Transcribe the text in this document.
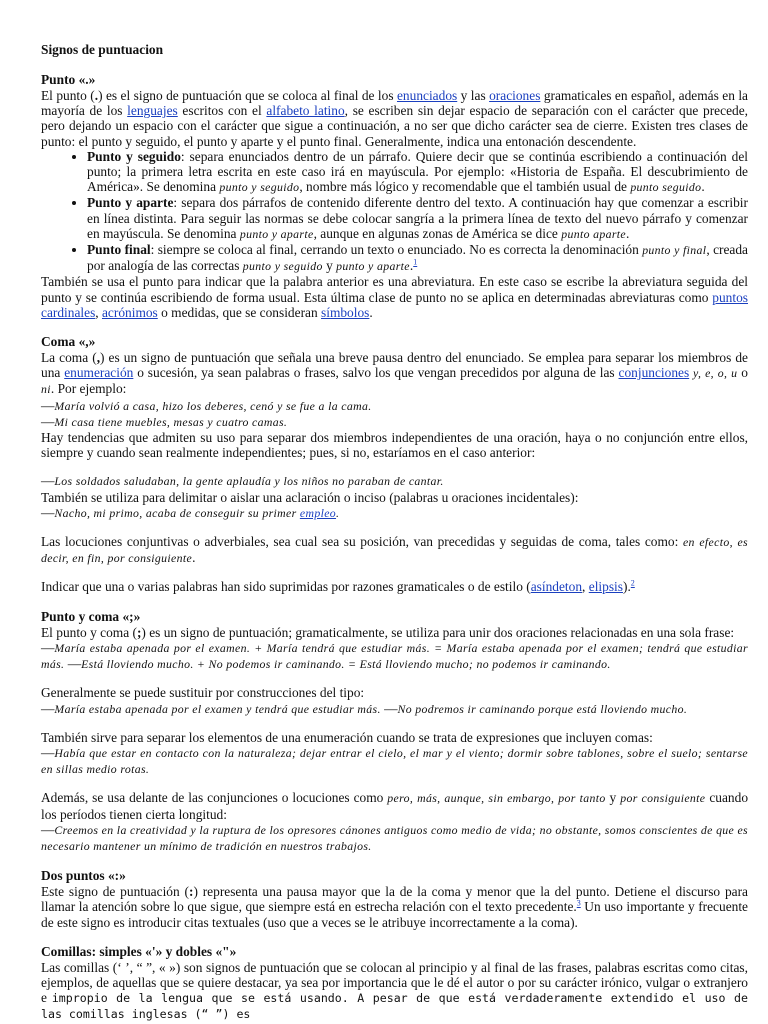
Signos de puntuacion
Punto «.»

El punto (.) es el signo de puntuación que se coloca al final de los enunciados y las oraciones gramaticales en español, además en la mayoría de los lenguajes escritos con el alfabeto latino, se escriben sin dejar espacio de separación con el carácter que precede, pero dejando un espacio con el carácter que sigue a continuación, a no ser que dicho carácter sea de cierre. Existen tres clases de punto: el punto y seguido, el punto y aparte y el punto final. Generalmente, indica una entonación descendente.

• Punto y seguido: separa enunciados dentro de un párrafo. Quiere decir que se continúa escribiendo a continuación del punto; la primera letra escrita en este caso irá en mayúscula. Por ejemplo: «Historia de España. El descubrimiento de América». Se denomina punto y seguido, nombre más lógico y recomendable que el también usual de punto seguido.
• Punto y aparte: separa dos párrafos de contenido diferente dentro del texto. A continuación hay que comenzar a escribir en línea distinta. Para seguir las normas se debe colocar sangría a la primera línea de texto del nuevo párrafo y comenzar en mayúscula. Se denomina punto y aparte, aunque en algunas zonas de América se dice punto aparte.
• Punto final: siempre se coloca al final, cerrando un texto o enunciado. No es correcta la denominación punto y final, creada por analogía de las correctas punto y seguido y punto y aparte.$^1$

También se usa el punto para indicar que la palabra anterior es una abreviatura. En este caso se escribe la abreviatura seguida del punto y se continúa escribiendo de forma usual. Esta última clase de punto no se aplica en determinadas abreviaturas como puntos cardinales, acrónimos o medidas, que se consideran símbolos.

Coma «,»

La coma (,) es un signo de puntuación que señala una breve pausa dentro del enunciado. Se emplea para separar los miembros de una enumeración o sucesión, ya sean palabras o frases, salvo los que vengan precedidos por alguna de las conjunciones y, e, o, u o ni. Por ejemplo:

—María volvió a casa, hizo los deberes, cenó y se fue a la cama.

—Mi casa tiene muebles, mesas y cuatro camas.

Hay tendencias que admiten su uso para separar dos miembros independientes de una oración, haya o no conjunción entre ellos, siempre y cuando sean realmente independientes; pues, si no, estaríamos en el caso anterior:

—Los soldados saludaban, la gente aplaudía y los niños no paraban de cantar.

También se utiliza para delimitar o aislar una aclaración o inciso (palabras u oraciones incidentales):

—Nacho, mi primo, acaba de conseguir su primer empleo.

Las locuciones conjuntivas o adverbiales, sea cual sea su posición, van precedidas y seguidas de coma, tales como: en efecto, es decir, en fin, por consiguiente.

Indicar que una o varias palabras han sido suprimidas por razones gramaticales o de estilo (asíndeton, elipsis).$^2$

Punto y coma «;»

El punto y coma (;) es un signo de puntuación; gramaticalmente, se utiliza para unir dos oraciones relacionadas en una sola frase:

—María estaba apenada por el examen. + María tendrá que estudiar más. = María estaba apenada por el examen; tendrá que estudiar más. —Está lloviendo mucho. + No podemos ir caminando. = Está lloviendo mucho; no podemos ir caminando.

Generalmente se puede sustituir por construcciones del tipo:

—María estaba apenada por el examen y tendrá que estudiar más. —No podremos ir caminando porque está lloviendo mucho.

También sirve para separar los elementos de una enumeración cuando se trata de expresiones que incluyen comas:

—Había que estar en contacto con la naturaleza; dejar entrar el cielo, el mar y el viento; dormir sobre tablones, sobre el suelo; sentarse en sillas medio rotas.

Además, se usa delante de las conjunciones o locuciones como pero, más, aunque, sin embargo, por tanto y por consiguiente cuando los períodos tienen cierta longitud:

—Creemos en la creatividad y la ruptura de los opresores cánones antiguos como medio de vida; no obstante, somos conscientes de que es necesario mantener un mínimo de tradición en nuestros trabajos.

Dos puntos «:»

Este signo de puntuación (:) representa una pausa mayor que la de la coma y menor que la del punto. Detiene el discurso para llamar la atención sobre lo que sigue, que siempre está en estrecha relación con el texto precedente.$^3$ Un uso importante y frecuente de este signo es introducir citas textuales (uso que a veces se le atribuye incorrectamente a la coma).

Comillas: simples «'» y dobles «"»

Las comillas (‘ ’, “ ”, « ») son signos de puntuación que se colocan al principio y al final de las frases, palabras escritas como citas, ejemplos, de aquellas que se quiere destacar, ya sea por importancia que le dé el autor o por su carácter irónico, vulgar o extranjero e impropio de la lengua que se está usando. A pesar de que está verdaderamente extendido el uso de las comillas inglesas (“ ”) es
